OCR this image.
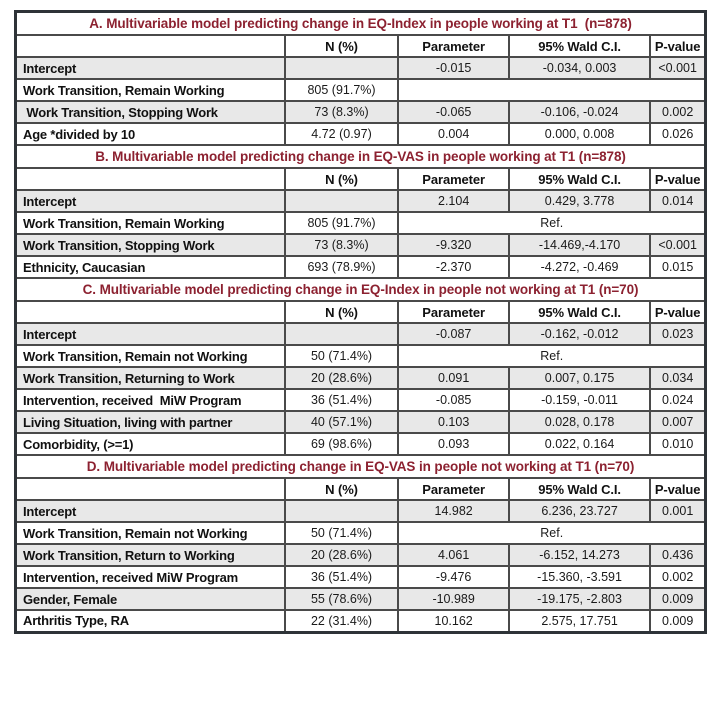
A. Multivariable model predicting change in EQ-Index in people working at T1  (n=878)				
	N (%)	Parameter	95% Wald C.I.	P-value
Intercept		-0.015	-0.034, 0.003	<0.001
Work Transition, Remain Working	805 (91.7%)			
Work Transition, Stopping Work	73 (8.3%)	-0.065	-0.106, -0.024	0.002
Age *divided by 10	4.72 (0.97)	0.004	0.000, 0.008	0.026
B. Multivariable model predicting change in EQ-VAS in people working at T1 (n=878)				
	N (%)	Parameter	95% Wald C.I.	P-value
Intercept		2.104	0.429, 3.778	0.014
Work Transition, Remain Working	805 (91.7%)	Ref.		
Work Transition, Stopping Work	73 (8.3%)	-9.320	-14.469,-4.170	<0.001
Ethnicity, Caucasian	693 (78.9%)	-2.370	-4.272, -0.469	0.015
C. Multivariable model predicting change in EQ-Index in people not working at T1 (n=70)				
	N (%)	Parameter	95% Wald C.I.	P-value
Intercept		-0.087	-0.162, -0.012	0.023
Work Transition, Remain not Working	50 (71.4%)	Ref.		
Work Transition, Returning to Work	20 (28.6%)	0.091	0.007, 0.175	0.034
Intervention, received  MiW Program	36 (51.4%)	-0.085	-0.159, -0.011	0.024
Living Situation, living with partner	40 (57.1%)	0.103	0.028, 0.178	0.007
Comorbidity, (>=1)	69 (98.6%)	0.093	0.022, 0.164	0.010
D. Multivariable model predicting change in EQ-VAS in people not working at T1 (n=70)				
	N (%)	Parameter	95% Wald C.I.	P-value
Intercept		14.982	6.236, 23.727	0.001
Work Transition, Remain not Working	50 (71.4%)	Ref.		
Work Transition, Return to Working	20 (28.6%)	4.061	-6.152, 14.273	0.436
Intervention, received MiW Program	36 (51.4%)	-9.476	-15.360, -3.591	0.002
Gender, Female	55 (78.6%)	-10.989	-19.175, -2.803	0.009
Arthritis Type, RA	22 (31.4%)	10.162	2.575, 17.751	0.009
